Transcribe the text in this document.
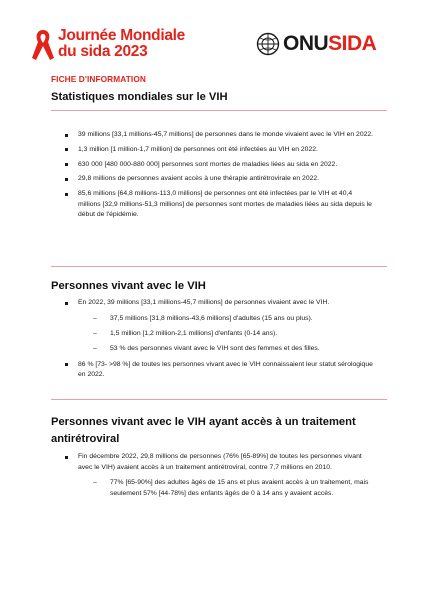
Journée Mondiale
du sida 2023	ONUSIDA
FICHE D'INFORMATION
Statistiques mondiales sur le VIH
39 millions [33,1 millions-45,7 millions] de personnes dans le monde vivaient avec le VIH en 2022.
1,3 million [1 million-1,7 million] de personnes ont été infectées au VIH en 2022.
630 000 [480 000-880 000] personnes sont mortes de maladies liées au sida en 2022.
29,8 millions de personnes avaient accès à une thérapie antirétrovirale en 2022.
85,6 millions [64,8 millions-113,0 millions] de personnes ont été infectées par le VIH et 40,4 millions [32,9 millions-51,3 millions] de personnes sont mortes de maladies liées au sida depuis le début de l'épidémie.
Personnes vivant avec le VIH
En 2022, 39 millions [33,1 millions-45,7 millions] de personnes vivaient avec le VIH.
– 37,5 millions [31,8 millions-43,6 millions] d'adultes (15 ans ou plus).
– 1,5 million [1,2 million-2,1 millions] d'enfants (0-14 ans).
– 53 % des personnes vivant avec le VIH sont des femmes et des filles.
86 % [73- >98 %] de toutes les personnes vivant avec le VIH connaissaient leur statut sérologique en 2022.
Personnes vivant avec le VIH ayant accès à un traitement
antirétroviral
Fin décembre 2022, 29,8 millions de personnes (76% [65-89%] de toutes les personnes vivant avec le VIH) avaient accès à un traitement antirétroviral, contre 7,7 millions en 2010.
– 77% [65-90%] des adultes âgés de 15 ans et plus avaient accès à un traitement, mais seulement 57% [44-78%] des enfants âgés de 0 à 14 ans y avaient accès.
